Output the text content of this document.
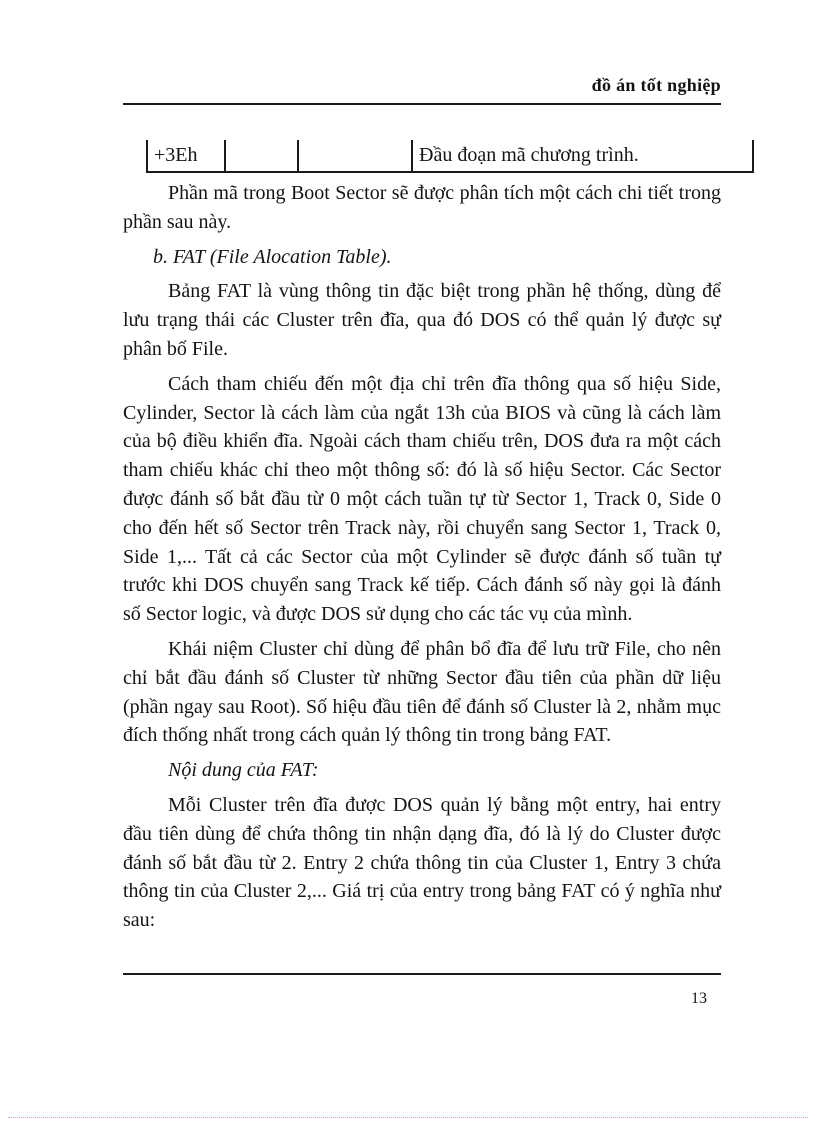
đồ án tốt nghiệp
+3Eh			Đầu đoạn mã chương trình.

Phần mã trong Boot Sector sẽ được phân tích một cách chi tiết trong phần sau này.

b. FAT (File Alocation Table).

Bảng FAT là vùng thông tin đặc biệt trong phần hệ thống, dùng để lưu trạng thái các Cluster trên đĩa, qua đó DOS có thể quản lý được sự phân bố File.

Cách tham chiếu đến một địa chỉ trên đĩa thông qua số hiệu Side, Cylinder, Sector là cách làm của ngắt 13h của BIOS và cũng là cách làm của bộ điều khiển đĩa. Ngoài cách tham chiếu trên, DOS đưa ra một cách tham chiếu khác chỉ theo một thông số: đó là số hiệu Sector. Các Sector được đánh số bắt đầu từ 0 một cách tuần tự từ Sector 1, Track 0, Side 0 cho đến hết số Sector trên Track này, rồi chuyển sang Sector 1, Track 0, Side 1,... Tất cả các Sector của một Cylinder sẽ được đánh số tuần tự trước khi DOS chuyển sang Track kế tiếp. Cách đánh số này gọi là đánh số Sector logic, và được DOS sử dụng cho các tác vụ của mình.

Khái niệm Cluster chỉ dùng để phân bổ đĩa để lưu trữ File, cho nên chỉ bắt đầu đánh số Cluster từ những Sector đầu tiên của phần dữ liệu (phần ngay sau Root). Số hiệu đầu tiên để đánh số Cluster là 2, nhằm mục đích thống nhất trong cách quản lý thông tin trong bảng FAT.

Nội dung của FAT:

Mỗi Cluster trên đĩa được DOS quản lý bằng một entry, hai entry đầu tiên dùng để chứa thông tin nhận dạng đĩa, đó là lý do Cluster được đánh số bắt đầu từ 2. Entry 2 chứa thông tin của Cluster 1, Entry 3 chứa thông tin của Cluster 2,... Giá trị của entry trong bảng FAT có ý nghĩa như sau:

13
